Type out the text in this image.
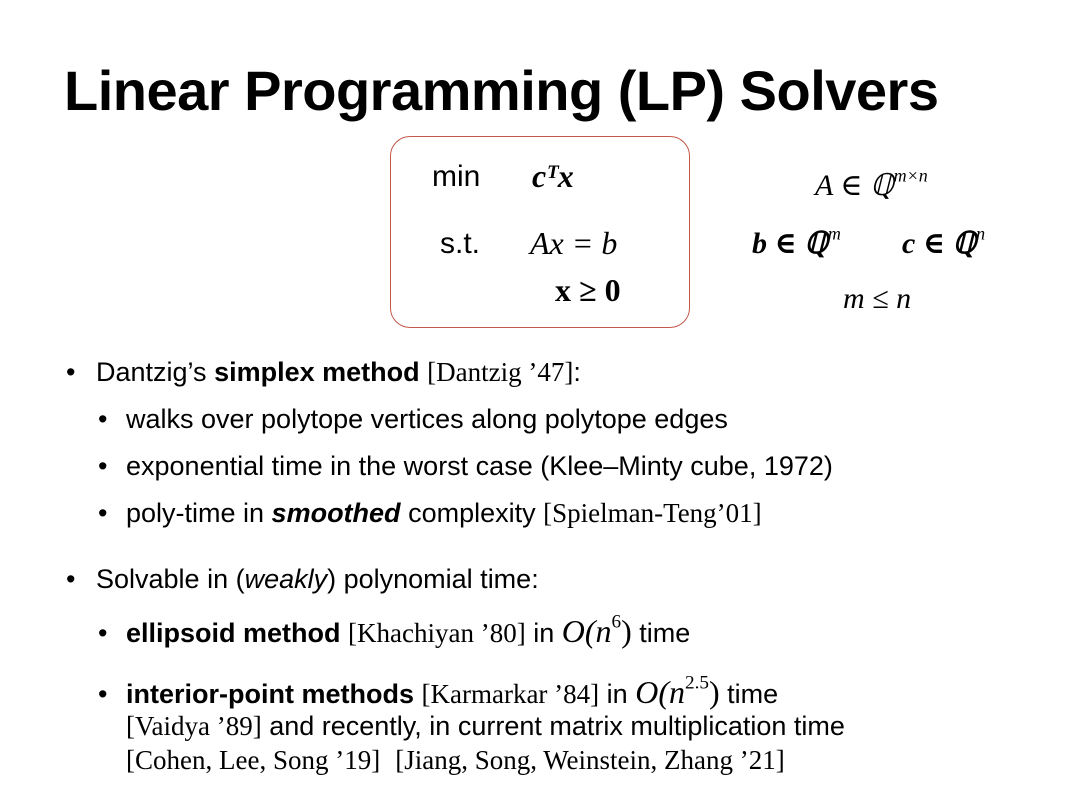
Linear Programming (LP) Solvers
min cᵀx
s.t. Ax = b
x ≥ 0
A ∈ ℚ$^{m\times n}$
b ∈ ℚ$^m$ c ∈ ℚ$^n$
m ≤ n
• Dantzig’s simplex method [Dantzig ’47]:
• walks over polytope vertices along polytope edges
• exponential time in the worst case (Klee–Minty cube, 1972)
• poly-time in smoothed complexity [Spielman-Teng’01]
• Solvable in (weakly) polynomial time:
• ellipsoid method [Khachiyan ’80] in $O(n^6)$ time
• interior-point methods [Karmarkar ’84] in $O(n^{2.5})$ time
[Vaidya ’89] and recently, in current matrix multiplication time
[Cohen, Lee, Song ’19] [Jiang, Song, Weinstein, Zhang ’21]
